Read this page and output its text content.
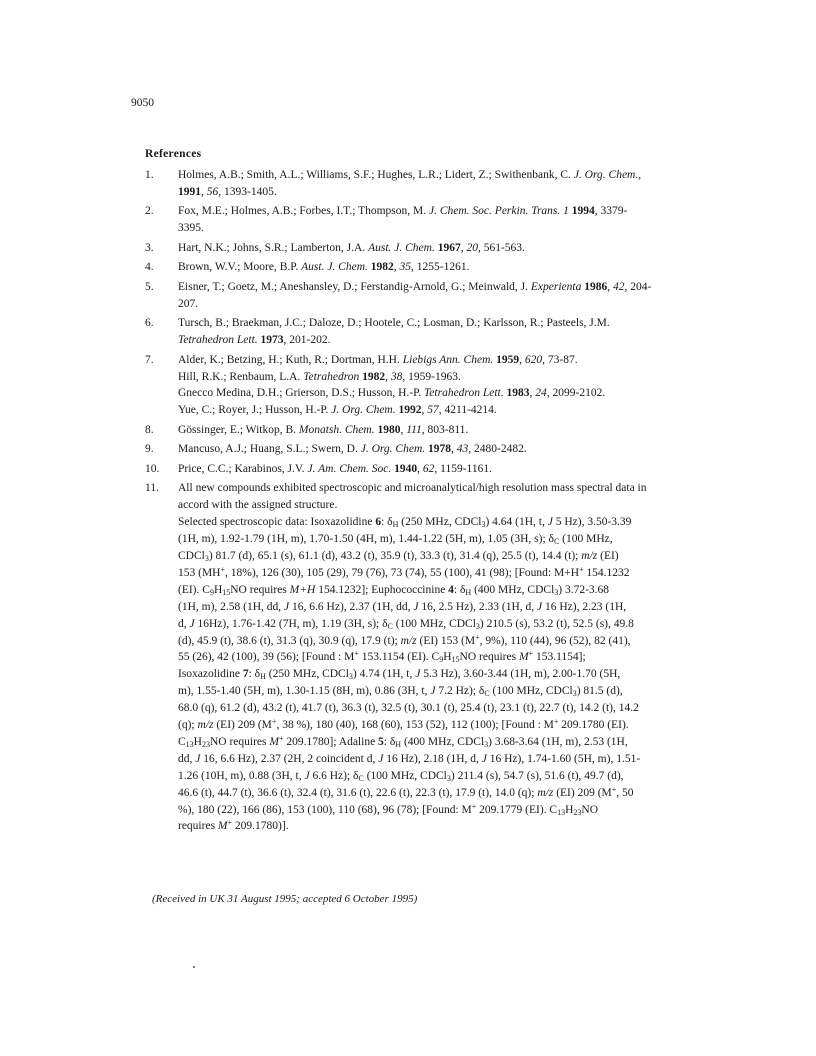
9050
References
1.	Holmes, A.B.; Smith, A.L.; Williams, S.F.; Hughes, L.R.; Lidert, Z.; Swithenbank, C. J. Org. Chem.,
1991, 56, 1393-1405.
2.	Fox, M.E.; Holmes, A.B.; Forbes, I.T.; Thompson, M. J. Chem. Soc. Perkin. Trans. 1 1994, 3379-
3395.
3.	Hart, N.K.; Johns, S.R.; Lamberton, J.A. Aust. J. Chem. 1967, 20, 561-563.
4.	Brown, W.V.; Moore, B.P. Aust. J. Chem. 1982, 35, 1255-1261.
5.	Eisner, T.; Goetz, M.; Aneshansley, D.; Ferstandig-Arnold, G.; Meinwald, J. Experienta 1986, 42, 204-
207.
6.	Tursch, B.; Braekman, J.C.; Daloze, D.; Hootele, C.; Losman, D.; Karlsson, R.; Pasteels, J.M.
Tetrahedron Lett. 1973, 201-202.
7.	Alder, K.; Betzing, H.; Kuth, R.; Dortman, H.H. Liebigs Ann. Chem. 1959, 620, 73-87.
Hill, R.K.; Renbaum, L.A. Tetrahedron 1982, 38, 1959-1963.
Gnecco Medina, D.H.; Grierson, D.S.; Husson, H.-P. Tetrahedron Lett. 1983, 24, 2099-2102.
Yue, C.; Royer, J.; Husson, H.-P. J. Org. Chem. 1992, 57, 4211-4214.
8.	Gössinger, E.; Witkop, B. Monatsh. Chem. 1980, 111, 803-811.
9.	Mancuso, A.J.; Huang, S.L.; Swern, D. J. Org. Chem. 1978, 43, 2480-2482.
10.	Price, C.C.; Karabinos, J.V. J. Am. Chem. Soc. 1940, 62, 1159-1161.
11.	All new compounds exhibited spectroscopic and microanalytical/high resolution mass spectral data in
accord with the assigned structure.
Selected spectroscopic data: Isoxazolidine 6: $\delta_H$ (250 MHz, CDCl$_3$) 4.64 (1H, t, J 5 Hz), 3.50-3.39
(1H, m), 1.92-1.79 (1H, m), 1.70-1.50 (4H, m), 1.44-1.22 (5H, m), 1.05 (3H, s); $\delta_C$ (100 MHz,
CDCl$_3$) 81.7 (d), 65.1 (s), 61.1 (d), 43.2 (t), 35.9 (t), 33.3 (t), 31.4 (q), 25.5 (t), 14.4 (t); m/z (EI)
153 (MH+, 18%), 126 (30), 105 (29), 79 (76), 73 (74), 55 (100), 41 (98); [Found: M+H+ 154.1232
(EI). $C_9H_{15}NO$ requires M+H 154.1232]; Euphococcinine 4: $\delta_H$ (400 MHz, CDCl$_3$) 3.72-3.68
(1H, m), 2.58 (1H, dd, J 16, 6.6 Hz), 2.37 (1H, dd, J 16, 2.5 Hz), 2.33 (1H, d, J 16 Hz), 2.23 (1H,
d, J 16Hz), 1.76-1.42 (7H, m), 1.19 (3H, s); $\delta_C$ (100 MHz, CDCl$_3$) 210.5 (s), 53.2 (t), 52.5 (s), 49.8
(d), 45.9 (t), 38.6 (t), 31.3 (q), 30.9 (q), 17.9 (t); m/z (EI) 153 (M+, 9%), 110 (44), 96 (52), 82 (41),
55 (26), 42 (100), 39 (56); [Found : M+ 153.1154 (EI). $C_9H_{15}NO$ requires M+ 153.1154];
Isoxazolidine 7: $\delta_H$ (250 MHz, CDCl$_3$) 4.74 (1H, t, J 5.3 Hz), 3.60-3.44 (1H, m), 2.00-1.70 (5H,
m), 1.55-1.40 (5H, m), 1.30-1.15 (8H, m), 0.86 (3H, t, J 7.2 Hz); $\delta_C$ (100 MHz, CDCl$_3$) 81.5 (d),
68.0 (q), 61.2 (d), 43.2 (t), 41.7 (t), 36.3 (t), 32.5 (t), 30.1 (t), 25.4 (t), 23.1 (t), 22.7 (t), 14.2 (t), 14.2
(q); m/z (EI) 209 (M+, 38 %), 180 (40), 168 (60), 153 (52), 112 (100); [Found : M+ 209.1780 (EI).
$C_{13}H_{23}NO$ requires M+ 209.1780]; Adaline 5: $\delta_H$ (400 MHz, CDCl$_3$) 3.68-3.64 (1H, m), 2.53 (1H,
dd, J 16, 6.6 Hz), 2.37 (2H, 2 coincident d, J 16 Hz), 2.18 (1H, d, J 16 Hz), 1.74-1.60 (5H, m), 1.51-
1.26 (10H, m), 0.88 (3H, t, J 6.6 Hz); $\delta_C$ (100 MHz, CDCl$_3$) 211.4 (s), 54.7 (s), 51.6 (t), 49.7 (d),
46.6 (t), 44.7 (t), 36.6 (t), 32.4 (t), 31.6 (t), 22.6 (t), 22.3 (t), 17.9 (t), 14.0 (q); m/z (EI) 209 (M+, 50
%), 180 (22), 166 (86), 153 (100), 110 (68), 96 (78); [Found: M+ 209.1779 (EI). $C_{13}H_{23}NO$
requires M+ 209.1780)].
(Received in UK 31 August 1995; accepted 6 October 1995)
